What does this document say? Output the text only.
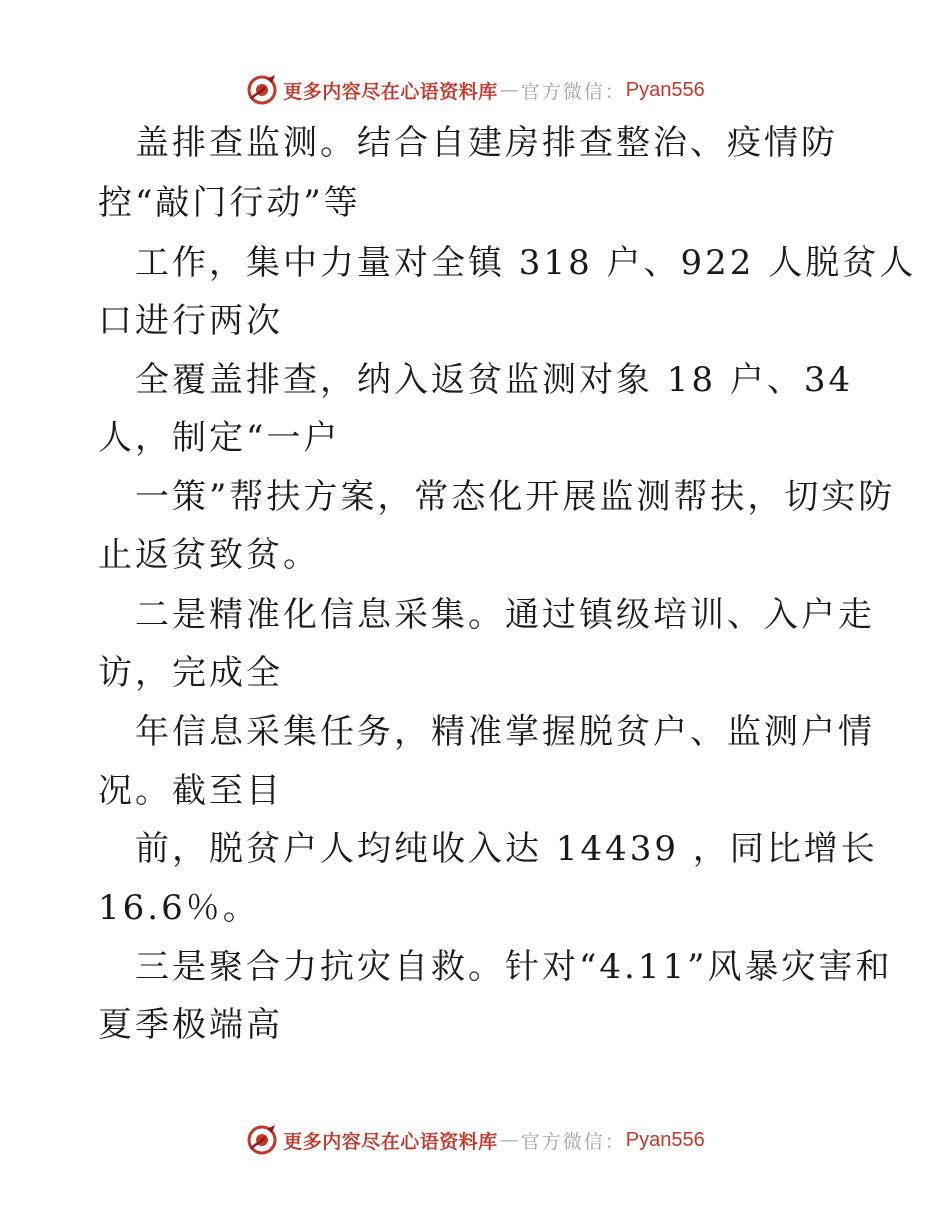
更多内容尽在心语资料库 — 官方微信： Pyan556
盖排查监测。结合自建房排查整治、疫情防
控“敲门行动”等
工作，集中力量对全镇 318 户、922 人脱贫人
口进行两次
全覆盖排查，纳入返贫监测对象 18 户、34
人，制定“一户
一策”帮扶方案，常态化开展监测帮扶，切实防
止返贫致贫。
二是精准化信息采集。通过镇级培训、入户走
访，完成全
年信息采集任务，精准掌握脱贫户、监测户情
况。截至目
前，脱贫户人均纯收入达 14439 ，同比增长
16.6％。
三是聚合力抗灾自救。针对“4.11”风暴灾害和
夏季极端高
更多内容尽在心语资料库 — 官方微信： Pyan556
